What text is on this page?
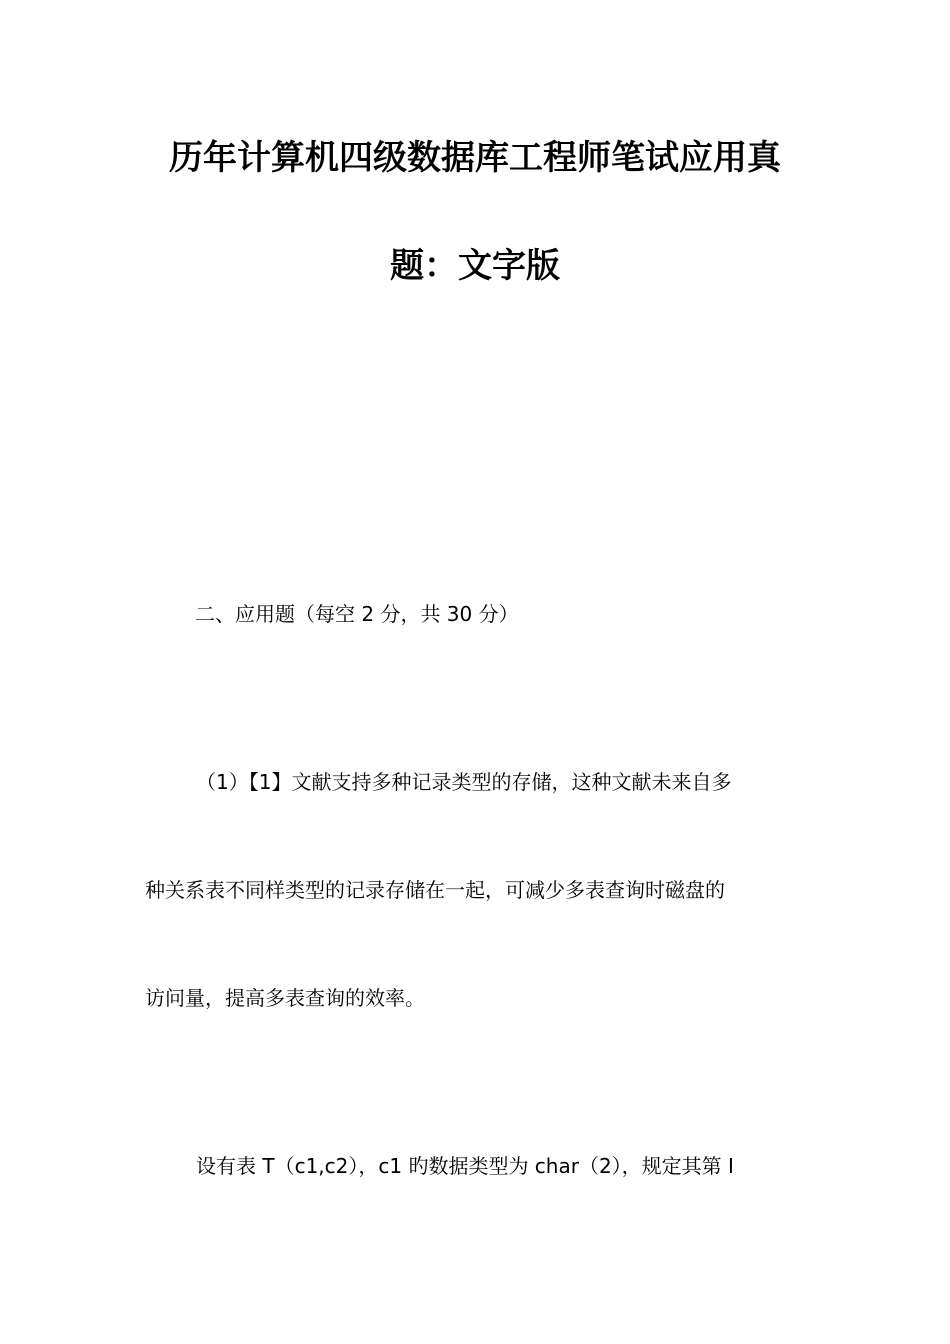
历年计算机四级数据库工程师笔试应用真
题：文字版
二、应用题（每空 2 分，共 30 分）
（1）【1】文献支持多种记录类型的存储，这种文献未来自多
种关系表不同样类型的记录存储在一起，可减少多表查询时磁盘的
访问量，提高多表查询的效率。
设有表 T（c1,c2），c1 旳数据类型为 char（2），规定其第 I
